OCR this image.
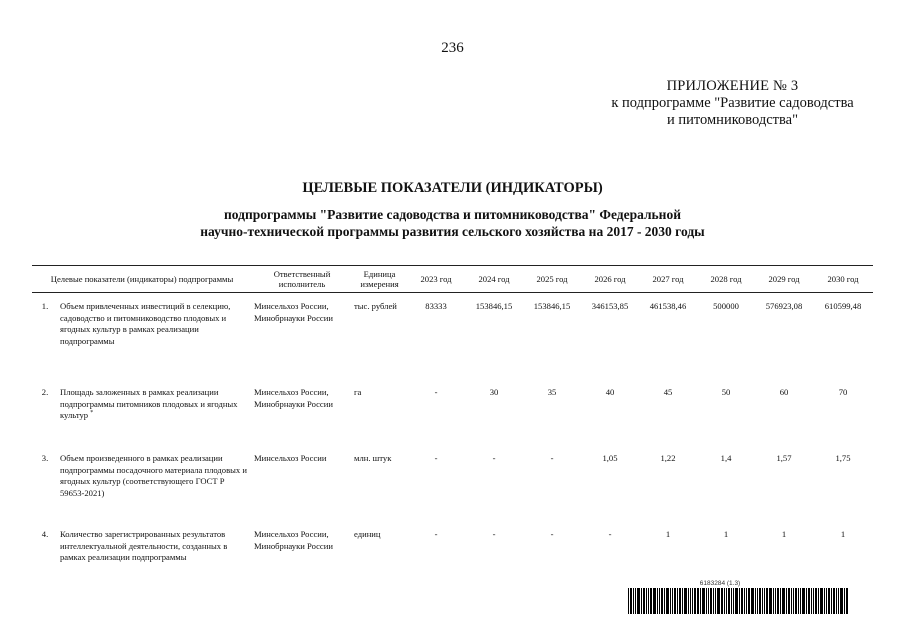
236
ПРИЛОЖЕНИЕ № 3
к подпрограмме "Развитие садоводства
и питомниководства"
ЦЕЛЕВЫЕ ПОКАЗАТЕЛИ (ИНДИКАТОРЫ)
подпрограммы "Развитие садоводства и питомниководства" Федеральной
научно-технической программы развития сельского хозяйства на 2017 - 2030 годы
Целевые показатели (индикаторы) подпрограммы		Ответственный исполнитель	Единица измерения	2023 год	2024 год	2025 год	2026 год	2027 год	2028 год	2029 год	2030 год

1.	Объем привлеченных инвестиций в селекцию, садоводство и питомниководство плодовых и ягодных культур в рамках реализации подпрограммы	Минсельхоз России, Минобрнауки России	тыс. рублей	83333	153846,15	153846,15	346153,85	461538,46	500000	576923,08	610599,48

2.	Площадь заложенных в рамках реализации подпрограммы питомников плодовых и ягодных культур *	Минсельхоз России, Минобрнауки России	га	-	30	35	40	45	50	60	70

3.	Объем произведенного в рамках реализации подпрограммы посадочного материала плодовых и ягодных культур (соответствующего ГОСТ Р 59653-2021)	Минсельхоз России	млн. штук	-	-	-	1,05	1,22	1,4	1,57	1,75

4.	Количество зарегистрированных результатов интеллектуальной деятельности, созданных в рамках реализации подпрограммы	Минсельхоз России, Минобрнауки России	единиц	-	-	-	-	1	1	1	1
6183284 (1.3)
